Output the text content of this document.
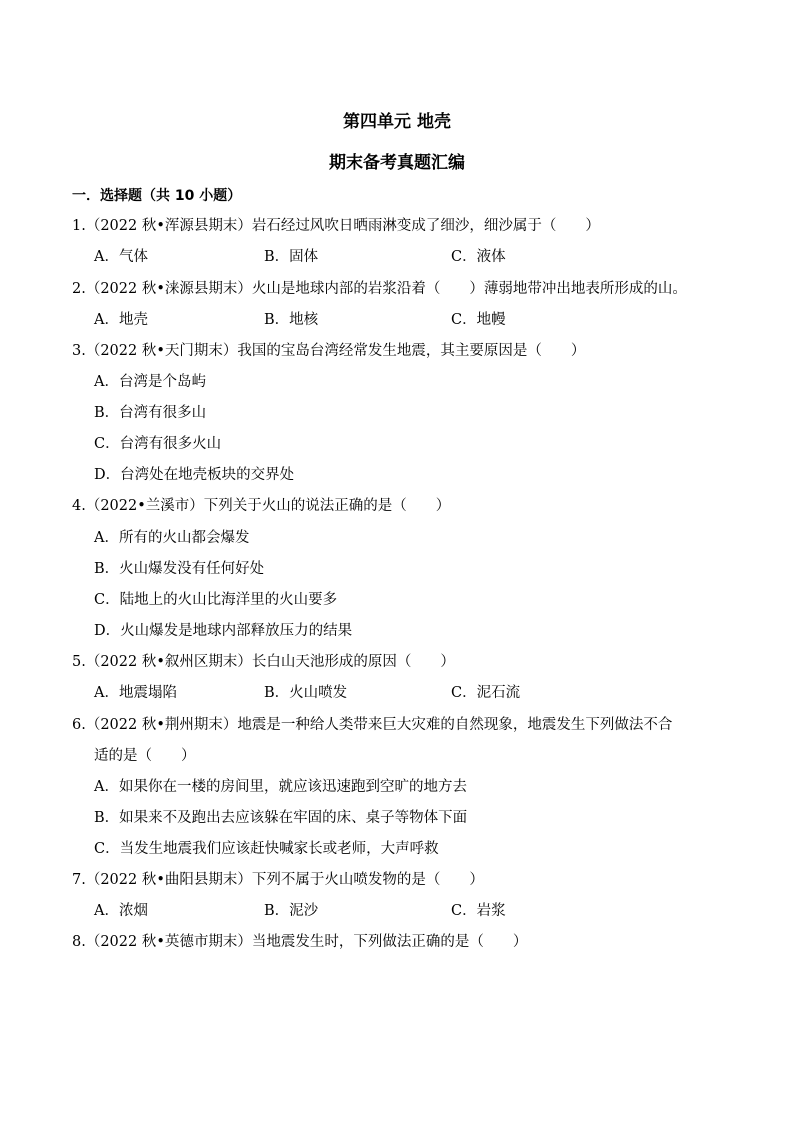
第四单元 地壳
期末备考真题汇编
一．选择题（共 10 小题）
1.（2022 秋•浑源县期末）岩石经过风吹日晒雨淋变成了细沙，细沙属于（　　）
A．气体	B．固体	C．液体
2.（2022 秋•涞源县期末）火山是地球内部的岩浆沿着（　　）薄弱地带冲出地表所形成的山。
A．地壳	B．地核	C．地幔
3.（2022 秋•天门期末）我国的宝岛台湾经常发生地震，其主要原因是（　　）
A．台湾是个岛屿
B．台湾有很多山
C．台湾有很多火山
D．台湾处在地壳板块的交界处
4.（2022•兰溪市）下列关于火山的说法正确的是（　　）
A．所有的火山都会爆发
B．火山爆发没有任何好处
C．陆地上的火山比海洋里的火山要多
D．火山爆发是地球内部释放压力的结果
5.（2022 秋•叙州区期末）长白山天池形成的原因（　　）
A．地震塌陷	B．火山喷发	C．泥石流
6.（2022 秋•荆州期末）地震是一种给人类带来巨大灾难的自然现象，地震发生下列做法不合
适的是（　　）
A．如果你在一楼的房间里，就应该迅速跑到空旷的地方去
B．如果来不及跑出去应该躲在牢固的床、桌子等物体下面
C．当发生地震我们应该赶快喊家长或老师，大声呼救
7.（2022 秋•曲阳县期末）下列不属于火山喷发物的是（　　）
A．浓烟	B．泥沙	C．岩浆
8.（2022 秋•英德市期末）当地震发生时，下列做法正确的是（　　）
